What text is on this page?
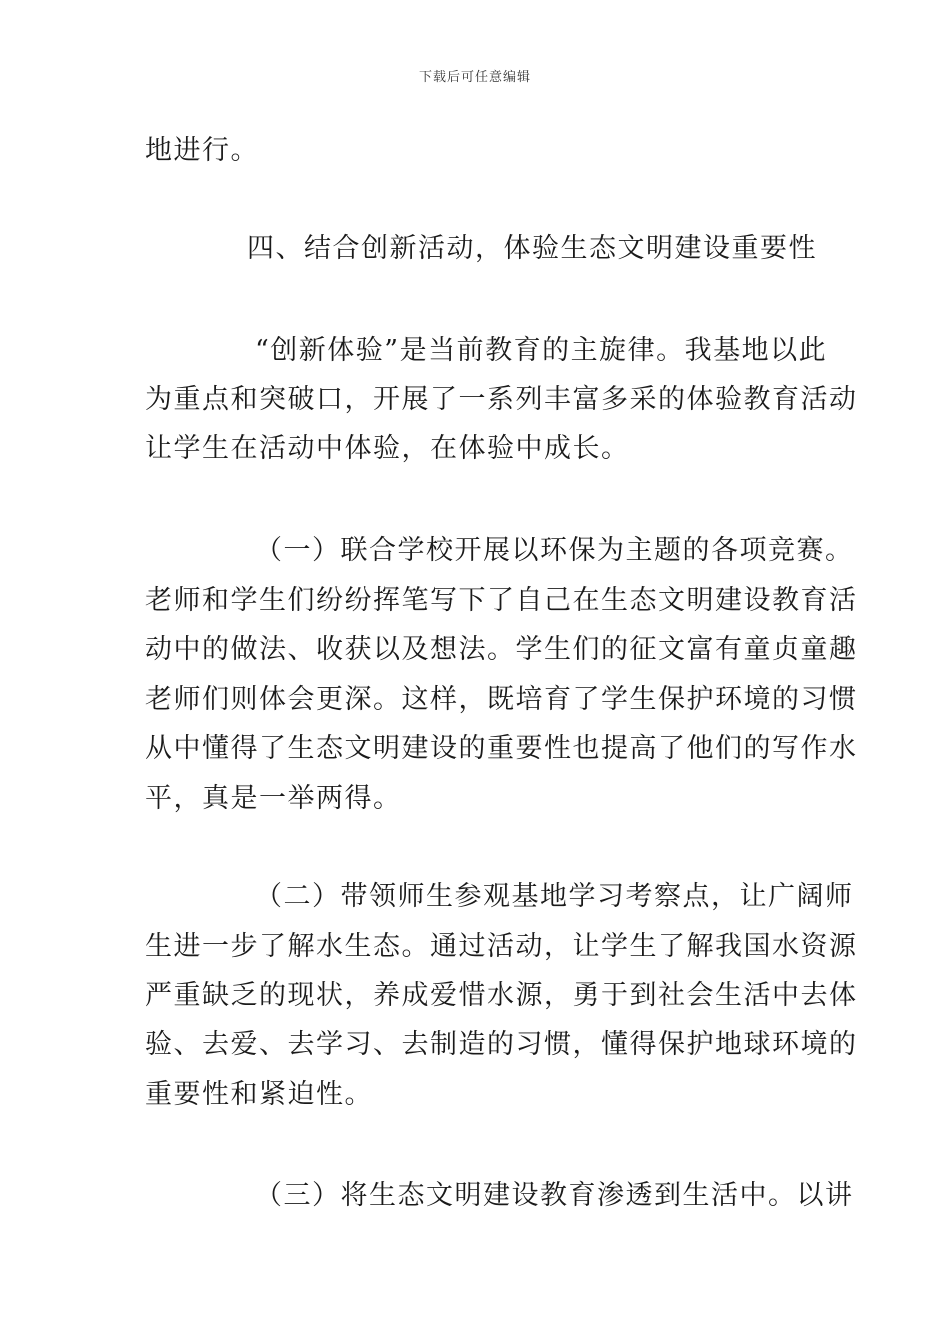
下载后可任意编辑
地进行。
四、结合创新活动，体验生态文明建设重要性
“创新体验”是当前教育的主旋律。我基地以此
为重点和突破口，开展了一系列丰富多采的体验教育活动
让学生在活动中体验，在体验中成长。
（一）联合学校开展以环保为主题的各项竞赛。
老师和学生们纷纷挥笔写下了自己在生态文明建设教育活
动中的做法、收获以及想法。学生们的征文富有童贞童趣
老师们则体会更深。这样，既培育了学生保护环境的习惯
从中懂得了生态文明建设的重要性也提高了他们的写作水
平，真是一举两得。
（二）带领师生参观基地学习考察点，让广阔师
生进一步了解水生态。通过活动，让学生了解我国水资源
严重缺乏的现状，养成爱惜水源，勇于到社会生活中去体
验、去爱、去学习、去制造的习惯，懂得保护地球环境的
重要性和紧迫性。
（三）将生态文明建设教育渗透到生活中。以讲
